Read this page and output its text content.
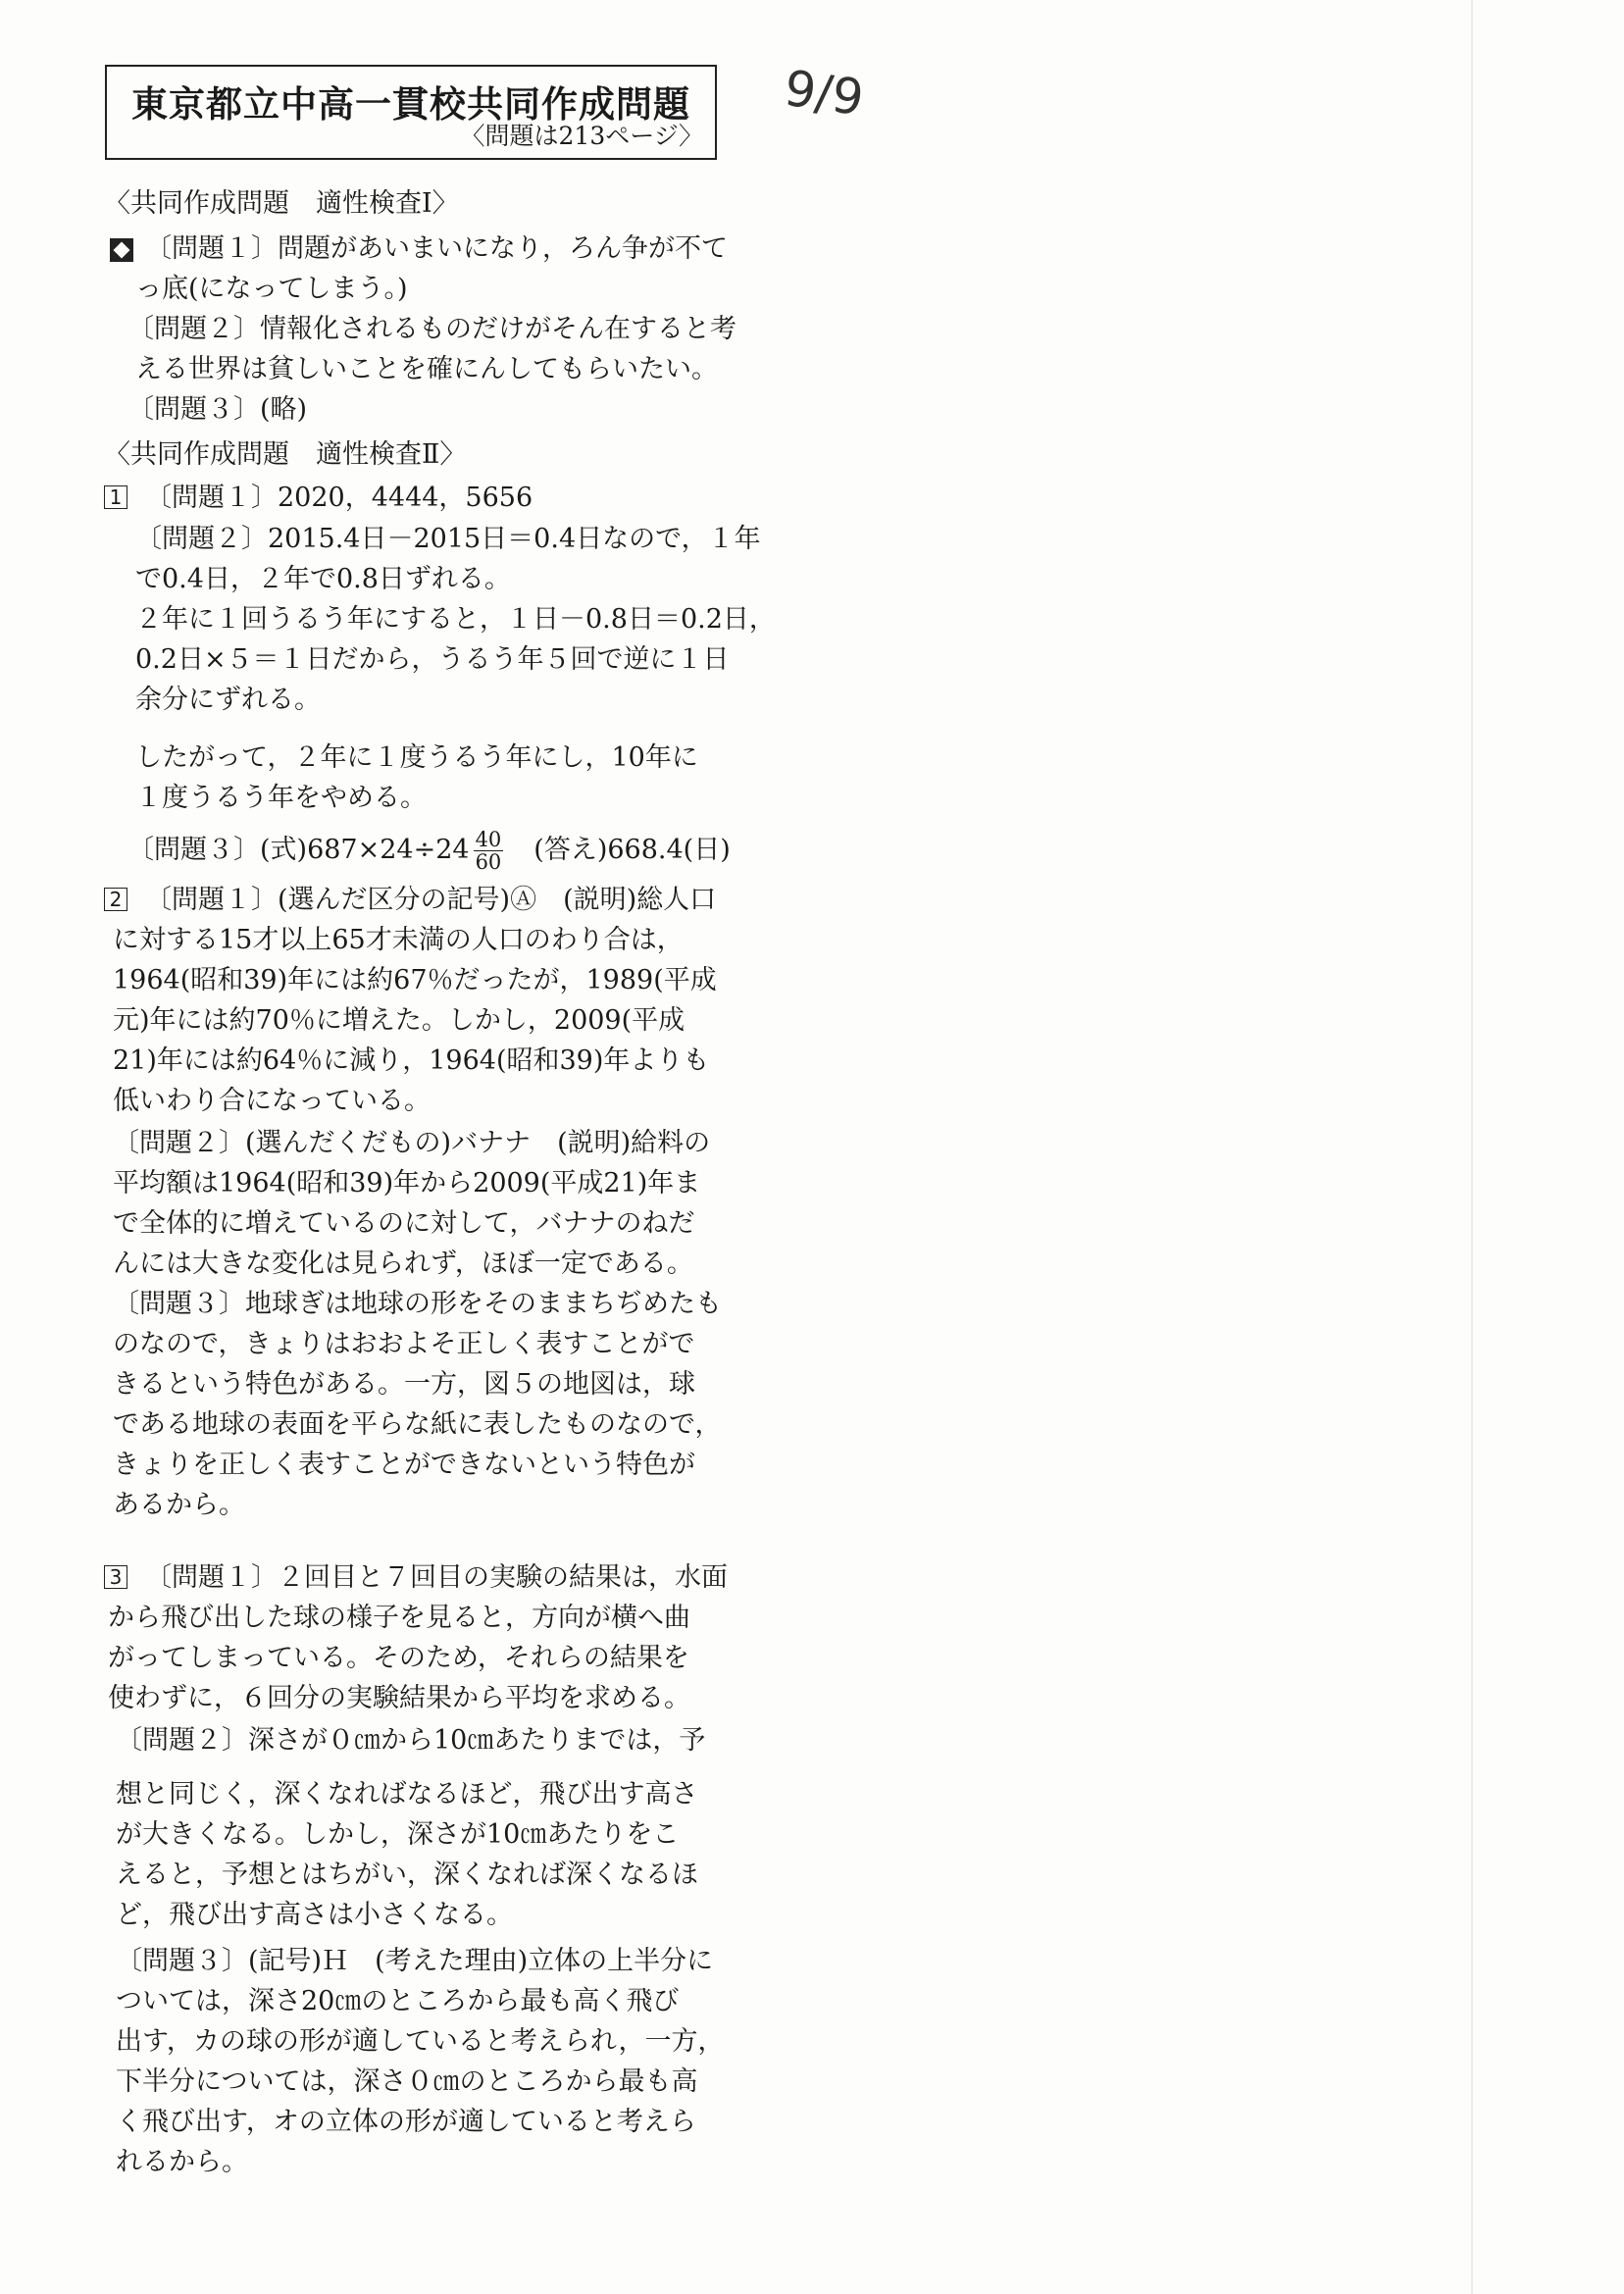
東京都立中高一貫校共同作成問題
〈問題は213ページ〉
9/9
〈共同作成問題　適性検査Ⅰ〉
〔問題１〕問題があいまいになり，ろん争が不て
っ底(になってしまう。)
〔問題２〕情報化されるものだけがそん在すると考
える世界は貧しいことを確にんしてもらいたい。
〔問題３〕(略)
〈共同作成問題　適性検査Ⅱ〉
1 〔問題１〕2020，4444，5656
〔問題２〕2015.4日－2015日＝0.4日なので，１年
で0.4日，２年で0.8日ずれる。
２年に１回うるう年にすると，１日－0.8日＝0.2日，
0.2日×５＝１日だから，うるう年５回で逆に１日
余分にずれる。
したがって，２年に１度うるう年にし，10年に
１度うるう年をやめる。
〔問題３〕(式)$687\times 24\div 24 \frac{40}{60}$ 　(答え)668.4(日)
2 〔問題１〕(選んだ区分の記号)Ⓐ　(説明)総人口
に対する15才以上65才未満の人口のわり合は，
1964(昭和39)年には約67％だったが，1989(平成
元)年には約70％に増えた。しかし，2009(平成
21)年には約64％に減り，1964(昭和39)年よりも
低いわり合になっている。
〔問題２〕(選んだくだもの)バナナ　(説明)給料の
平均額は1964(昭和39)年から2009(平成21)年ま
で全体的に増えているのに対して，バナナのねだ
んには大きな変化は見られず，ほぼ一定である。
〔問題３〕地球ぎは地球の形をそのままちぢめたも
のなので，きょりはおおよそ正しく表すことがで
きるという特色がある。一方，図５の地図は，球
である地球の表面を平らな紙に表したものなので，
きょりを正しく表すことができないという特色が
あるから。
3 〔問題１〕２回目と７回目の実験の結果は，水面
から飛び出した球の様子を見ると，方向が横へ曲
がってしまっている。そのため，それらの結果を
使わずに，６回分の実験結果から平均を求める。
〔問題２〕深さが０㎝から10㎝あたりまでは，予
想と同じく，深くなればなるほど，飛び出す高さ
が大きくなる。しかし，深さが10㎝あたりをこ
えると，予想とはちがい，深くなれば深くなるほ
ど，飛び出す高さは小さくなる。
〔問題３〕(記号)Ｈ　(考えた理由)立体の上半分に
ついては，深さ20㎝のところから最も高く飛び
出す，カの球の形が適していると考えられ，一方，
下半分については，深さ０㎝のところから最も高
く飛び出す，オの立体の形が適していると考えら
れるから。
